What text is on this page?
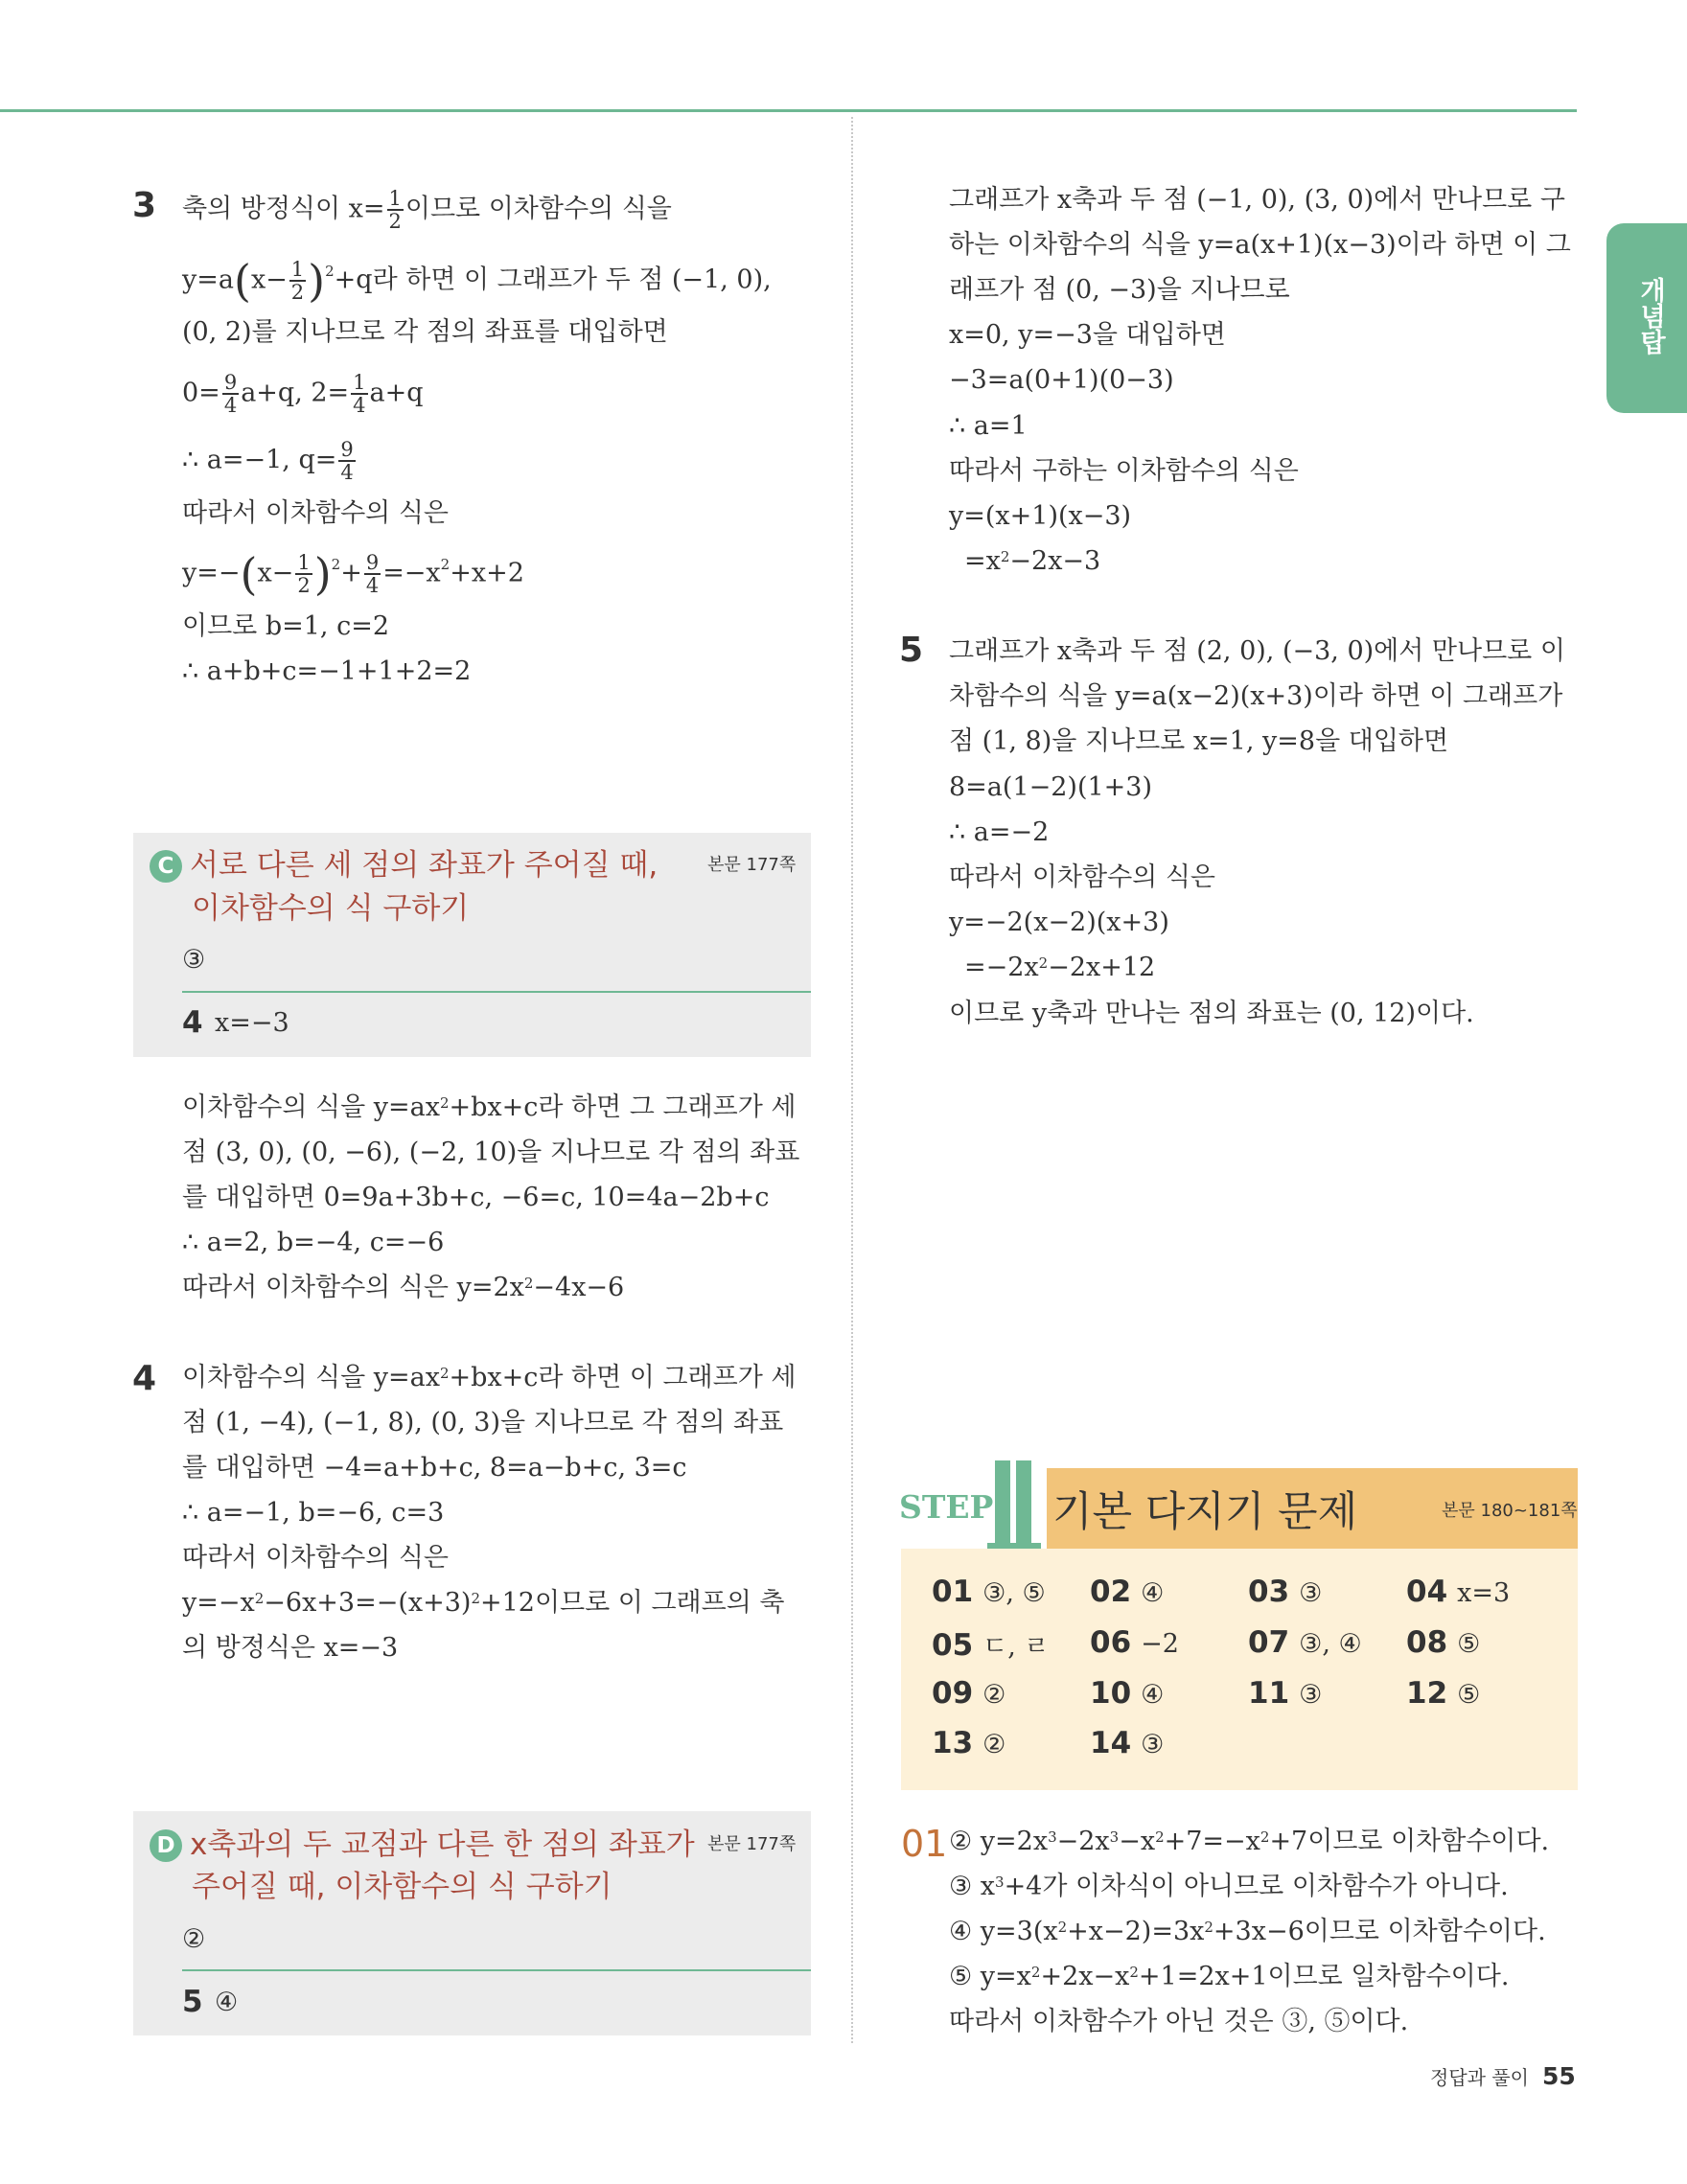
개념탑
3 축의 방정식이 $x= \frac{1}{2}$ 이므로 이차함수의 식을
$y=a(x- \frac{1}{2} )^2+q$라 하면 이 그래프가 두 점 (−1, 0),
(0, 2)를 지나므로 각 점의 좌표를 대입하면
$0= \frac{9}{4} a+q$, $2= \frac{1}{4} a+q$
∴ a=−1, $q= \frac{9}{4}$
따라서 이차함수의 식은
$y=-(x- \frac{1}{2} )^2+ \frac{9}{4} =-x^2+x+2$
이므로 b=1, c=2
∴ a+b+c=−1+1+2=2
C 서로 다른 세 점의 좌표가 주어질 때,
이차함수의 식 구하기
본문 177쪽
③
4 x=−3
이차함수의 식을 $y=ax^2+bx+c$라 하면 그 그래프가 세
점 (3, 0), (0, −6), (−2, 10)을 지나므로 각 점의 좌표
를 대입하면 0=9a+3b+c, −6=c, 10=4a−2b+c
∴ a=2, b=−4, c=−6
따라서 이차함수의 식은 $y=2x^2-4x-6$
4 이차함수의 식을 $y=ax^2+bx+c$라 하면 이 그래프가 세
점 (1, −4), (−1, 8), (0, 3)을 지나므로 각 점의 좌표
를 대입하면 −4=a+b+c, 8=a−b+c, 3=c
∴ a=−1, b=−6, c=3
따라서 이차함수의 식은
$y=-x^2-6x+3=-(x+3)^2+12$이므로 이 그래프의 축
의 방정식은 x=−3
D x축과의 두 교점과 다른 한 점의 좌표가
주어질 때, 이차함수의 식 구하기
본문 177쪽
②
5 ④
그래프가 x축과 두 점 (−1, 0), (3, 0)에서 만나므로 구
하는 이차함수의 식을 y=a(x+1)(x−3)이라 하면 이 그
래프가 점 (0, −3)을 지나므로
x=0, y=−3을 대입하면
−3=a(0+1)(0−3)
∴ a=1
따라서 구하는 이차함수의 식은
y=(x+1)(x−3)
$=x^2-2x-3$
5 그래프가 x축과 두 점 (2, 0), (−3, 0)에서 만나므로 이
차함수의 식을 y=a(x−2)(x+3)이라 하면 이 그래프가
점 (1, 8)을 지나므로 x=1, y=8을 대입하면
8=a(1−2)(1+3)
∴ a=−2
따라서 이차함수의 식은
y=−2(x−2)(x+3)
$=-2x^2-2x+12$
이므로 y축과 만나는 점의 좌표는 (0, 12)이다.
STEP 기본 다지기 문제	본문 180~181쪽
01 ③, ⑤ 02 ④	03 ③	04 x=3
05 ㄷ, ㄹ 06 −2 07 ③, ④ 08 ⑤
09 ②	10 ④	11 ③	12 ⑤
13 ②	14 ③
01 ② $y=2x^3-2x^3-x^2+7=-x^2+7$이므로 이차함수이다.
③ $x^3+4$가 이차식이 아니므로 이차함수가 아니다.
④ $y=3(x^2+x-2)=3x^2+3x-6$이므로 이차함수이다.
⑤ $y=x^2+2x-x^2+1=2x+1$이므로 일차함수이다.
따라서 이차함수가 아닌 것은 ③, ⑤이다.
정답과 풀이 55
